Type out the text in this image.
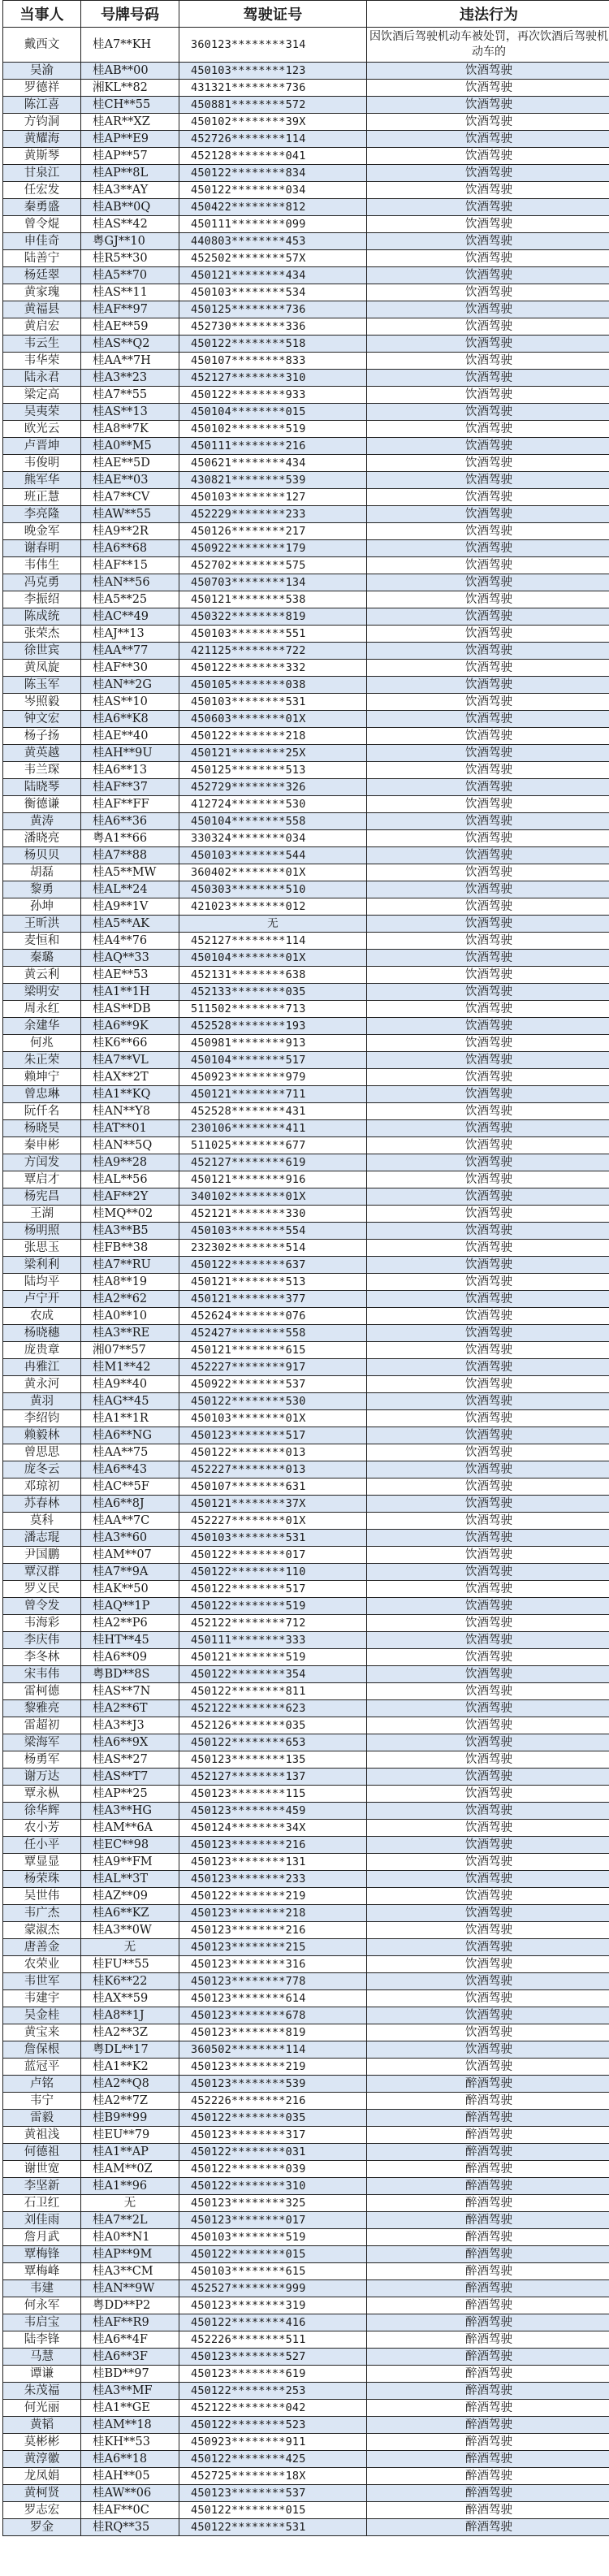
当事人	号牌号码	驾驶证号	违法行为
戴西文	桂A7**KH	360123********314	因饮酒后驾驶机动车被处罚，再次饮酒后驾驶机动车的
吴渝	桂AB**00	450103********123	饮酒驾驶
罗德祥	湘KL**82	431321********736	饮酒驾驶
陈江喜	桂CH**55	450881********572	饮酒驾驶
方钧洞	桂AR**XZ	450102********39X	饮酒驾驶
黄耀海	桂AP**E9	452726********114	饮酒驾驶
黄斯琴	桂AP**57	452128********041	饮酒驾驶
甘泉江	桂AP**8L	450122********834	饮酒驾驶
任宏发	桂A3**AY	450122********034	饮酒驾驶
秦勇盛	桂AB**0Q	450422********812	饮酒驾驶
曾令焜	桂AS**42	450111********099	饮酒驾驶
申佳奇	粤GJ**10	440803********453	饮酒驾驶
陆善宁	桂R5**30	452502********57X	饮酒驾驶
杨廷翠	桂A5**70	450121********434	饮酒驾驶
黄家瑰	桂AS**11	450103********534	饮酒驾驶
黄福县	桂AF**97	450125********736	饮酒驾驶
黄启宏	桂AE**59	452730********336	饮酒驾驶
韦云生	桂AS**Q2	450122********518	饮酒驾驶
韦华荣	桂AA**7H	450107********833	饮酒驾驶
陆永君	桂A3**23	452127********310	饮酒驾驶
梁定高	桂A7**55	450122********933	饮酒驾驶
吴夷荣	桂AS**13	450104********015	饮酒驾驶
欧光云	桂A8**7K	450102********519	饮酒驾驶
卢晋坤	桂A0**M5	450111********216	饮酒驾驶
韦俊明	桂AE**5D	450621********434	饮酒驾驶
熊军华	桂AE**03	430821********539	饮酒驾驶
班正慧	桂A7**CV	450103********127	饮酒驾驶
李亮隆	桂AW**55	452229********233	饮酒驾驶
晚金军	桂A9**2R	450126********217	饮酒驾驶
谢春明	桂A6**68	450922********179	饮酒驾驶
韦伟生	桂AF**15	452702********575	饮酒驾驶
冯克勇	桂AN**56	450703********134	饮酒驾驶
李振绍	桂A5**25	450121********538	饮酒驾驶
陈成统	桂AC**49	450322********819	饮酒驾驶
张荣杰	桂AJ**13	450103********551	饮酒驾驶
徐世宾	桂AA**77	421125********722	饮酒驾驶
黄凤旋	桂AF**30	450122********332	饮酒驾驶
陈玉军	桂AN**2G	450105********038	饮酒驾驶
岑照毅	桂AS**10	450103********531	饮酒驾驶
钟文宏	桂A6**K8	450603********01X	饮酒驾驶
杨子扬	桂AE**40	450122********218	饮酒驾驶
黄英越	桂AH**9U	450121********25X	饮酒驾驶
韦兰琛	桂A6**13	450125********513	饮酒驾驶
陆晓琴	桂AF**37	452729********326	饮酒驾驶
衡德谦	桂AF**FF	412724********530	饮酒驾驶
黄涛	桂A6**36	450104********558	饮酒驾驶
潘晓亮	粤A1**66	330324********034	饮酒驾驶
杨贝贝	桂A7**88	450103********544	饮酒驾驶
胡磊	桂A5**MW	360402********01X	饮酒驾驶
黎勇	桂AL**24	450303********510	饮酒驾驶
孙坤	桂A9**1V	421023********012	饮酒驾驶
王昕洪	桂A5**AK	无	饮酒驾驶
麦恒和	桂A4**76	452127********114	饮酒驾驶
秦璐	桂AQ**33	450104********01X	饮酒驾驶
黄云利	桂AE**53	452131********638	饮酒驾驶
梁明安	桂A1**1H	452133********035	饮酒驾驶
周永红	桂AS**DB	511502********713	饮酒驾驶
余建华	桂A6**9K	452528********193	饮酒驾驶
何兆	桂K6**66	450981********913	饮酒驾驶
朱正荣	桂A7**VL	450104********517	饮酒驾驶
赖坤宁	桂AX**2T	450923********979	饮酒驾驶
曾忠琳	桂A1**KQ	450121********711	饮酒驾驶
阮仟名	桂AN**Y8	452528********431	饮酒驾驶
杨晓昊	桂AT**01	230106********411	饮酒驾驶
秦申彬	桂AN**5Q	511025********677	饮酒驾驶
方闰发	桂A9**28	452127********619	饮酒驾驶
覃启才	桂AL**56	450121********916	饮酒驾驶
杨宪昌	桂AF**2Y	340102********01X	饮酒驾驶
王湖	桂MQ**02	452121********330	饮酒驾驶
杨明照	桂A3**B5	450103********554	饮酒驾驶
张思玉	桂FB**38	232302********514	饮酒驾驶
梁利利	桂A7**RU	450122********637	饮酒驾驶
陆均平	桂A8**19	450121********513	饮酒驾驶
卢宁开	桂A2**62	450121********377	饮酒驾驶
农成	桂A0**10	452624********076	饮酒驾驶
杨晓穗	桂A3**RE	452427********558	饮酒驾驶
庞贵章	湘07**57	450121********615	饮酒驾驶
冉雅江	桂M1**42	452227********917	饮酒驾驶
黄永河	桂A9**40	450922********537	饮酒驾驶
黄羽	桂AG**45	450122********530	饮酒驾驶
李绍钧	桂A1**1R	450103********01X	饮酒驾驶
赖毅林	桂A6**NG	450123********517	饮酒驾驶
曾思思	桂AA**75	450122********013	饮酒驾驶
庞冬云	桂A6**43	452227********013	饮酒驾驶
邓琼初	桂AC**5F	450107********631	饮酒驾驶
苏春林	桂A6**8J	450121********37X	饮酒驾驶
莫科	桂AA**7C	452227********01X	饮酒驾驶
潘志琨	桂A3**60	450103********531	饮酒驾驶
尹国鹏	桂AM**07	450122********017	饮酒驾驶
覃汉群	桂A7**9A	450122********110	饮酒驾驶
罗义民	桂AK**50	450122********517	饮酒驾驶
曾令发	桂AQ**1P	450122********519	饮酒驾驶
韦海彩	桂A2**P6	452122********712	饮酒驾驶
李庆伟	桂HT**45	450111********333	饮酒驾驶
李冬林	桂A6**09	450121********519	饮酒驾驶
宋韦伟	粤BD**8S	450122********354	饮酒驾驶
雷柯德	桂AS**7N	450122********811	饮酒驾驶
黎雅亮	桂A2**6T	452122********623	饮酒驾驶
雷超初	桂A3**J3	452126********035	饮酒驾驶
梁海军	桂A6**9X	450122********653	饮酒驾驶
杨勇军	桂AS**27	450123********135	饮酒驾驶
谢万达	桂AS**T7	452127********137	饮酒驾驶
覃永枞	桂AP**25	450123********115	饮酒驾驶
徐华辉	桂A3**HG	450123********459	饮酒驾驶
农小芳	桂AM**6A	450124********34X	饮酒驾驶
任小平	桂EC**98	450123********216	饮酒驾驶
覃显显	桂A9**FM	450123********131	饮酒驾驶
杨荣珠	桂AL**3T	450123********233	饮酒驾驶
吴世伟	桂AZ**09	450122********219	饮酒驾驶
韦广杰	桂A6**KZ	450123********218	饮酒驾驶
蒙淑杰	桂A3**0W	450123********216	饮酒驾驶
唐善金	无	450123********215	饮酒驾驶
农荣业	桂FU**55	450123********316	饮酒驾驶
韦世军	桂K6**22	450123********778	饮酒驾驶
韦建宇	桂AX**59	450123********614	饮酒驾驶
吴金桂	桂A8**1J	450123********678	饮酒驾驶
黄宝来	桂A2**3Z	450123********819	饮酒驾驶
詹保根	粤DL**17	360502********114	饮酒驾驶
蓝冠平	桂A1**K2	450123********219	饮酒驾驶
卢铭	桂A2**Q8	450123********539	醉酒驾驶
韦宁	桂A2**7Z	452226********216	醉酒驾驶
雷毅	桂B9**99	450122********035	醉酒驾驶
黄祖浅	桂EU**79	450123********317	醉酒驾驶
何德祖	桂A1**AP	450122********031	醉酒驾驶
谢世宽	桂AM**0Z	450122********039	醉酒驾驶
李坚新	桂A1**96	450122********310	醉酒驾驶
石卫红	无	450123********325	醉酒驾驶
刘佳雨	桂A7**2L	450123********017	醉酒驾驶
詹月武	桂A0**N1	450103********519	醉酒驾驶
覃梅锋	桂AP**9M	450122********015	醉酒驾驶
覃梅峰	桂A3**CM	450103********615	醉酒驾驶
韦建	桂AN**9W	452527********999	醉酒驾驶
何永军	粤DD**P2	450123********319	醉酒驾驶
韦启宝	桂AF**R9	450122********416	醉酒驾驶
陆李锋	桂A6**4F	452226********511	醉酒驾驶
马慧	桂A6**3F	450123********527	醉酒驾驶
谭谦	桂BD**97	450123********619	醉酒驾驶
朱茂福	桂A3**MF	450122********253	醉酒驾驶
何光丽	桂A1**GE	452122********042	醉酒驾驶
黄韬	桂AM**18	450122********523	醉酒驾驶
莫彬彬	桂KH**53	450923********911	醉酒驾驶
黄淳徽	桂A6**18	450122********425	醉酒驾驶
龙凤娟	桂AH**05	452725********18X	醉酒驾驶
黄柯贤	桂AW**06	450123********537	醉酒驾驶
罗志宏	桂AF**0C	450122********015	醉酒驾驶
罗金	桂RQ**35	450122********531	醉酒驾驶
